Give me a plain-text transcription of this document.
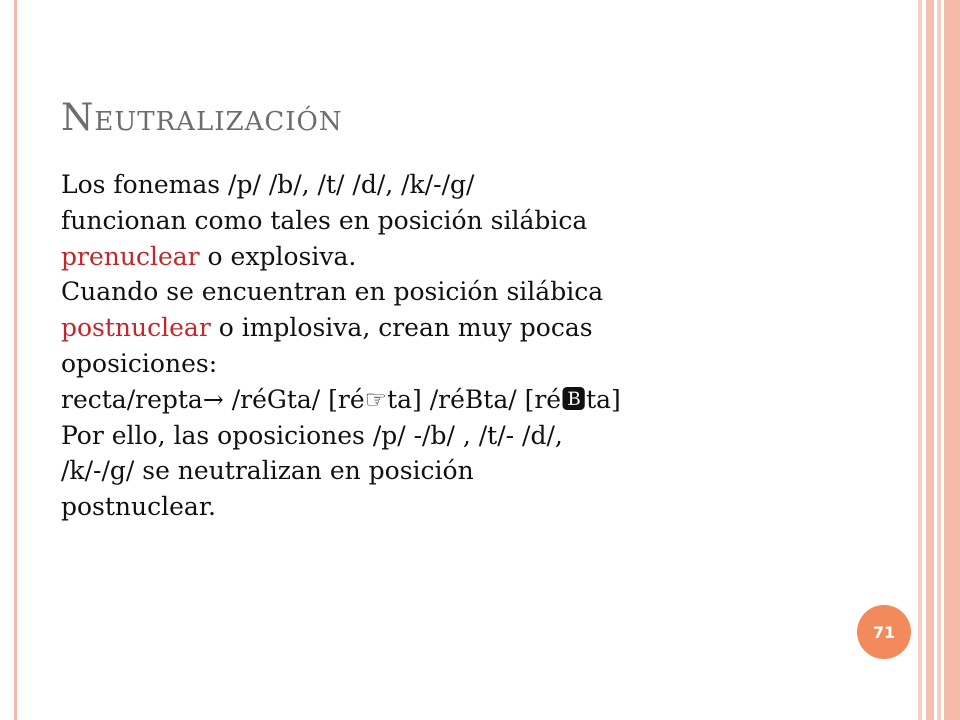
Neutralización
Los fonemas /p/ /b/, /t/ /d/, /k/-/g/
funcionan como tales en posición silábica
prenuclear o explosiva.
Cuando se encuentran en posición silábica
postnuclear o implosiva, crean muy pocas
oposiciones:
recta/repta→ /réGta/ [ré☞ta] /réBta/ [ré🅱ta]
Por ello, las oposiciones /p/ -/b/ , /t/- /d/,
/k/-/g/ se neutralizan en posición
postnuclear.
71
